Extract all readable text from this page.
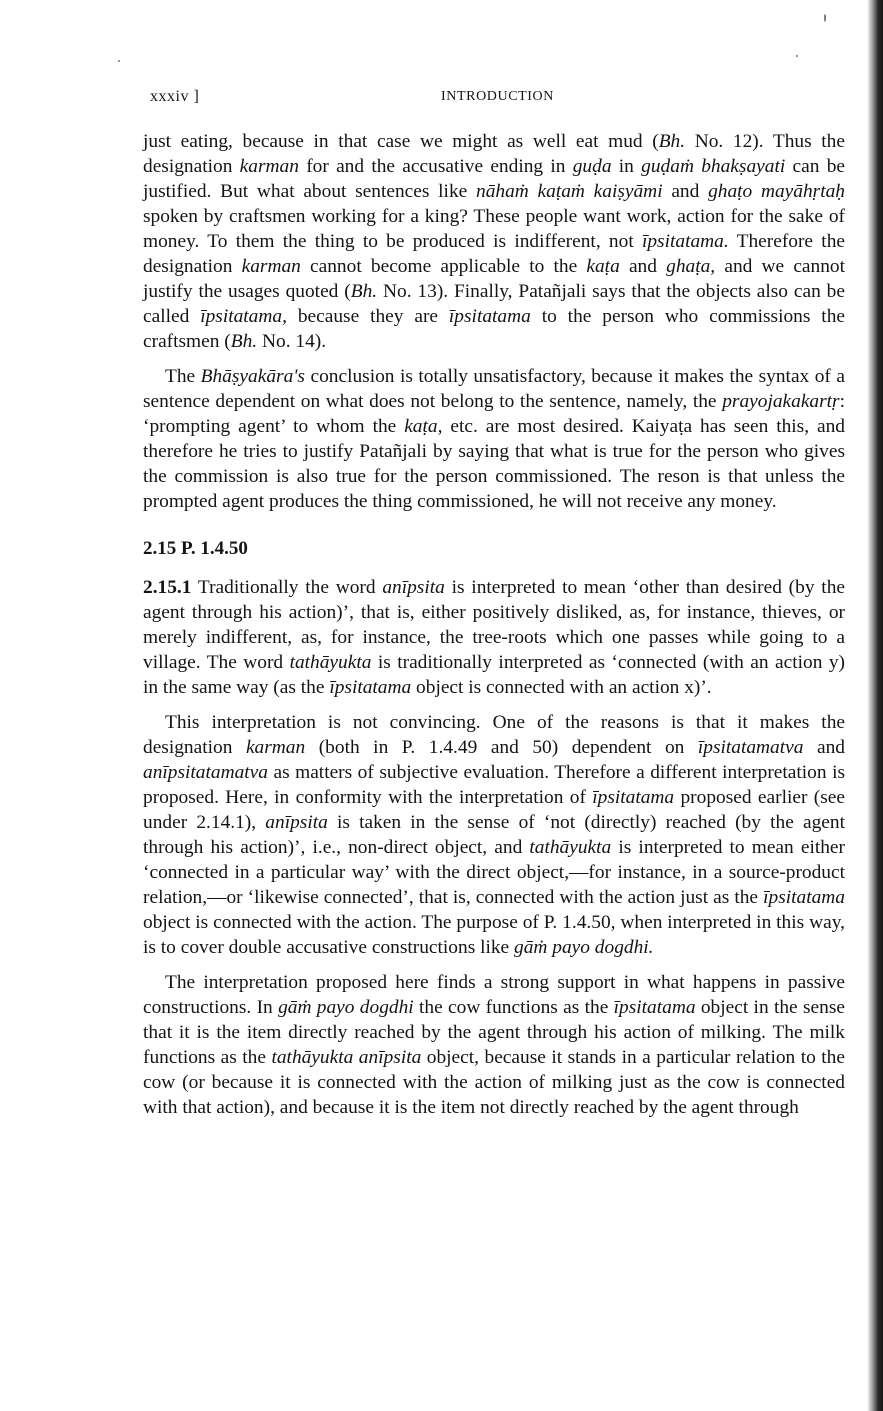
xxxiv ]	INTRODUCTION

just eating, because in that case we might as well eat mud (Bh. No. 12). Thus the designation karman for and the accusative ending in guḍa in guḍaṁ bhakṣayati can be justified. But what about sentences like nāhaṁ kaṭaṁ kaiṣyāmi and ghaṭo mayāhṛtaḥ spoken by craftsmen working for a king? These people want work, action for the sake of money. To them the thing to be produced is indifferent, not īpsitatama. Therefore the designation karman cannot become applicable to the kaṭa and ghaṭa, and we cannot justify the usages quoted (Bh. No. 13). Finally, Patañjali says that the objects also can be called īpsitatama, because they are īpsitatama to the person who commissions the craftsmen (Bh. No. 14).

The Bhāṣyakāra's conclusion is totally unsatisfactory, because it makes the syntax of a sentence dependent on what does not belong to the sentence, namely, the prayojakakartṛ: ‘prompting agent’ to whom the kaṭa, etc. are most desired. Kaiyaṭa has seen this, and therefore he tries to justify Patañjali by saying that what is true for the person who gives the commission is also true for the person commissioned. The reson is that unless the prompted agent produces the thing commissioned, he will not receive any money.

2.15 P. 1.4.50

2.15.1 Traditionally the word anīpsita is interpreted to mean ‘other than desired (by the agent through his action)’, that is, either positively disliked, as, for instance, thieves, or merely indifferent, as, for instance, the tree-roots which one passes while going to a village. The word tathāyukta is traditionally interpreted as ‘connected (with an action y) in the same way (as the īpsitatama object is connected with an action x)’.

This interpretation is not convincing. One of the reasons is that it makes the designation karman (both in P. 1.4.49 and 50) dependent on īpsitatamatva and anīpsitatamatva as matters of subjective evaluation. Therefore a different interpretation is proposed. Here, in conformity with the interpretation of īpsitatama proposed earlier (see under 2.14.1), anīpsita is taken in the sense of ‘not (directly) reached (by the agent through his action)’, i.e., non-direct object, and tathāyukta is interpreted to mean either ‘connected in a particular way’ with the direct object,—for instance, in a source-product relation,—or ‘likewise connected’, that is, connected with the action just as the īpsitatama object is connected with the action. The purpose of P. 1.4.50, when interpreted in this way, is to cover double accusative constructions like gāṁ payo dogdhi.

The interpretation proposed here finds a strong support in what happens in passive constructions. In gāṁ payo dogdhi the cow functions as the īpsitatama object in the sense that it is the item directly reached by the agent through his action of milking. The milk functions as the tathāyukta anīpsita object, because it stands in a particular relation to the cow (or because it is connected with the action of milking just as the cow is connected with that action), and because it is the item not directly reached by the agent through
